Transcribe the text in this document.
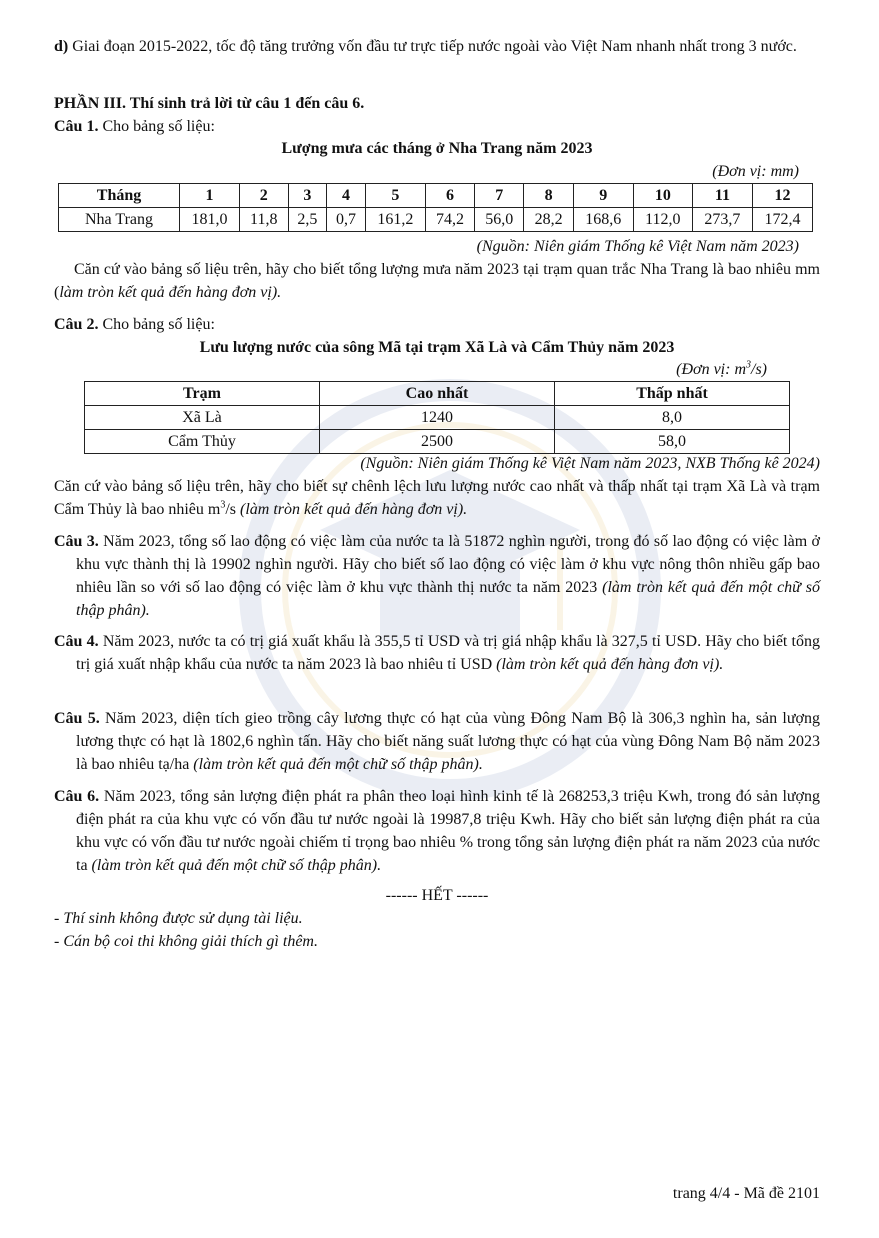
d) Giai đoạn 2015-2022, tốc độ tăng trưởng vốn đầu tư trực tiếp nước ngoài vào Việt Nam nhanh nhất trong 3 nước.
PHẦN III. Thí sinh trả lời từ câu 1 đến câu 6.
Câu 1. Cho bảng số liệu:
Lượng mưa các tháng ở Nha Trang năm 2023
(Đơn vị: mm)
Tháng	1	2	3	4	5	6	7	8	9	10	11	12
Nha Trang	181,0	11,8	2,5	0,7	161,2	74,2	56,0	28,2	168,6	112,0	273,7	172,4
(Nguồn: Niên giám Thống kê Việt Nam năm 2023)
Căn cứ vào bảng số liệu trên, hãy cho biết tổng lượng mưa năm 2023 tại trạm quan trắc Nha Trang là bao nhiêu mm (làm tròn kết quả đến hàng đơn vị).
Câu 2. Cho bảng số liệu:
Lưu lượng nước của sông Mã tại trạm Xã Là và Cẩm Thủy năm 2023
(Đơn vị: $m^3/s$)
Trạm	Cao nhất	Thấp nhất
Xã Là	1240	8,0
Cẩm Thủy	2500	58,0
(Nguồn: Niên giám Thống kê Việt Nam năm 2023, NXB Thống kê 2024)
Căn cứ vào bảng số liệu trên, hãy cho biết sự chênh lệch lưu lượng nước cao nhất và thấp nhất tại trạm Xã Là và trạm Cẩm Thủy là bao nhiêu $m^3/s$ (làm tròn kết quả đến hàng đơn vị).
Câu 3. Năm 2023, tổng số lao động có việc làm của nước ta là 51872 nghìn người, trong đó số lao động có việc làm ở khu vực thành thị là 19902 nghìn người. Hãy cho biết số lao động có việc làm ở khu vực nông thôn nhiều gấp bao nhiêu lần so với số lao động có việc làm ở khu vực thành thị nước ta năm 2023 (làm tròn kết quả đến một chữ số thập phân).
Câu 4. Năm 2023, nước ta có trị giá xuất khẩu là 355,5 tỉ USD và trị giá nhập khẩu là 327,5 tỉ USD. Hãy cho biết tổng trị giá xuất nhập khẩu của nước ta năm 2023 là bao nhiêu tỉ USD (làm tròn kết quả đến hàng đơn vị).
Câu 5. Năm 2023, diện tích gieo trồng cây lương thực có hạt của vùng Đông Nam Bộ là 306,3 nghìn ha, sản lượng lương thực có hạt là 1802,6 nghìn tấn. Hãy cho biết năng suất lương thực có hạt của vùng Đông Nam Bộ năm 2023 là bao nhiêu tạ/ha (làm tròn kết quả đến một chữ số thập phân).
Câu 6. Năm 2023, tổng sản lượng điện phát ra phân theo loại hình kinh tế là 268253,3 triệu Kwh, trong đó sản lượng điện phát ra của khu vực có vốn đầu tư nước ngoài là 19987,8 triệu Kwh. Hãy cho biết sản lượng điện phát ra của khu vực có vốn đầu tư nước ngoài chiếm tỉ trọng bao nhiêu % trong tổng sản lượng điện phát ra năm 2023 của nước ta (làm tròn kết quả đến một chữ số thập phân).
------ HẾT ------
- Thí sinh không được sử dụng tài liệu.
- Cán bộ coi thi không giải thích gì thêm.
trang 4/4 - Mã đề 2101
